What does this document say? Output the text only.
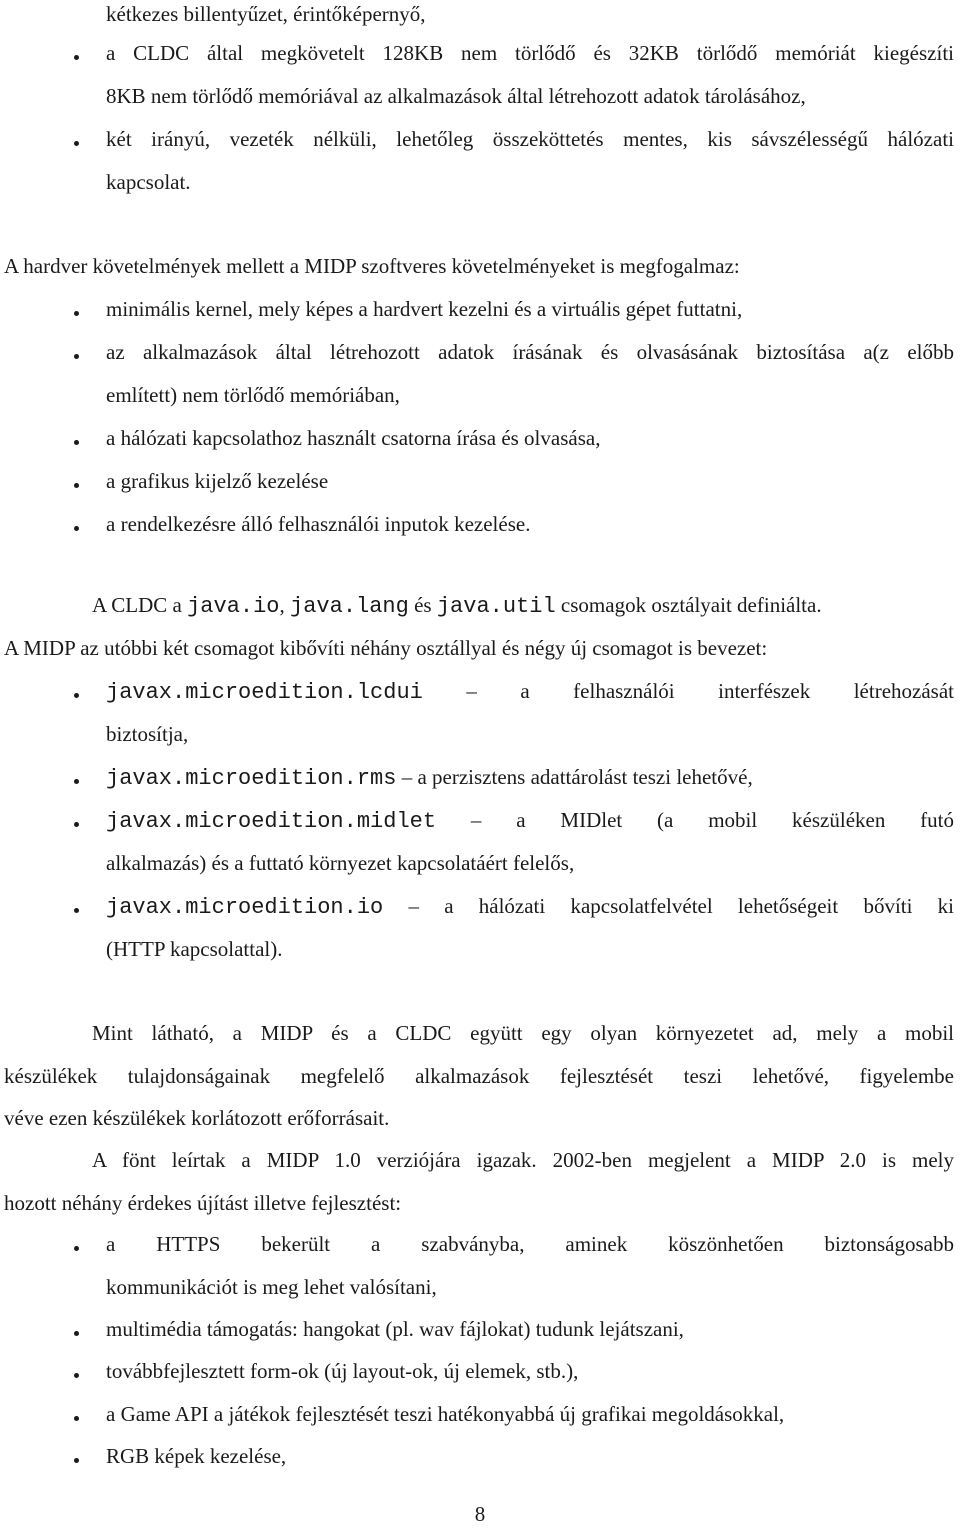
kétkezes billentyűzet, érintőképernyő,
a CLDC által megkövetelt 128KB nem törlődő és 32KB törlődő memóriát kiegészíti
8KB nem törlődő memóriával az alkalmazások által létrehozott adatok tárolásához,
két irányú, vezeték nélküli, lehetőleg összeköttetés mentes, kis sávszélességű hálózati
kapcsolat.
A hardver követelmények mellett a MIDP szoftveres követelményeket is megfogalmaz:
minimális kernel, mely képes a hardvert kezelni és a virtuális gépet futtatni,
az alkalmazások által létrehozott adatok írásának és olvasásának biztosítása a(z előbb
említett) nem törlődő memóriában,
a hálózati kapcsolathoz használt csatorna írása és olvasása,
a grafikus kijelző kezelése
a rendelkezésre álló felhasználói inputok kezelése.
A CLDC a java.io, java.lang és java.util csomagok osztályait definiálta.
A MIDP az utóbbi két csomagot kibővíti néhány osztállyal és négy új csomagot is bevezet:
javax.microedition.lcdui – a felhasználói interfészek létrehozását
biztosítja,
javax.microedition.rms – a perzisztens adattárolást teszi lehetővé,
javax.microedition.midlet – a MIDlet (a mobil készüléken futó
alkalmazás) és a futtató környezet kapcsolatáért felelős,
javax.microedition.io – a hálózati kapcsolatfelvétel lehetőségeit bővíti ki
(HTTP kapcsolattal).
Mint látható, a MIDP és a CLDC együtt egy olyan környezetet ad, mely a mobil
készülékek tulajdonságainak megfelelő alkalmazások fejlesztését teszi lehetővé, figyelembe
véve ezen készülékek korlátozott erőforrásait.
A fönt leírtak a MIDP 1.0 verziójára igazak. 2002-ben megjelent a MIDP 2.0 is mely
hozott néhány érdekes újítást illetve fejlesztést:
a HTTPS bekerült a szabványba, aminek köszönhetően biztonságosabb
kommunikációt is meg lehet valósítani,
multimédia támogatás: hangokat (pl. wav fájlokat) tudunk lejátszani,
továbbfejlesztett form-ok (új layout-ok, új elemek, stb.),
a Game API a játékok fejlesztését teszi hatékonyabbá új grafikai megoldásokkal,
RGB képek kezelése,
8
